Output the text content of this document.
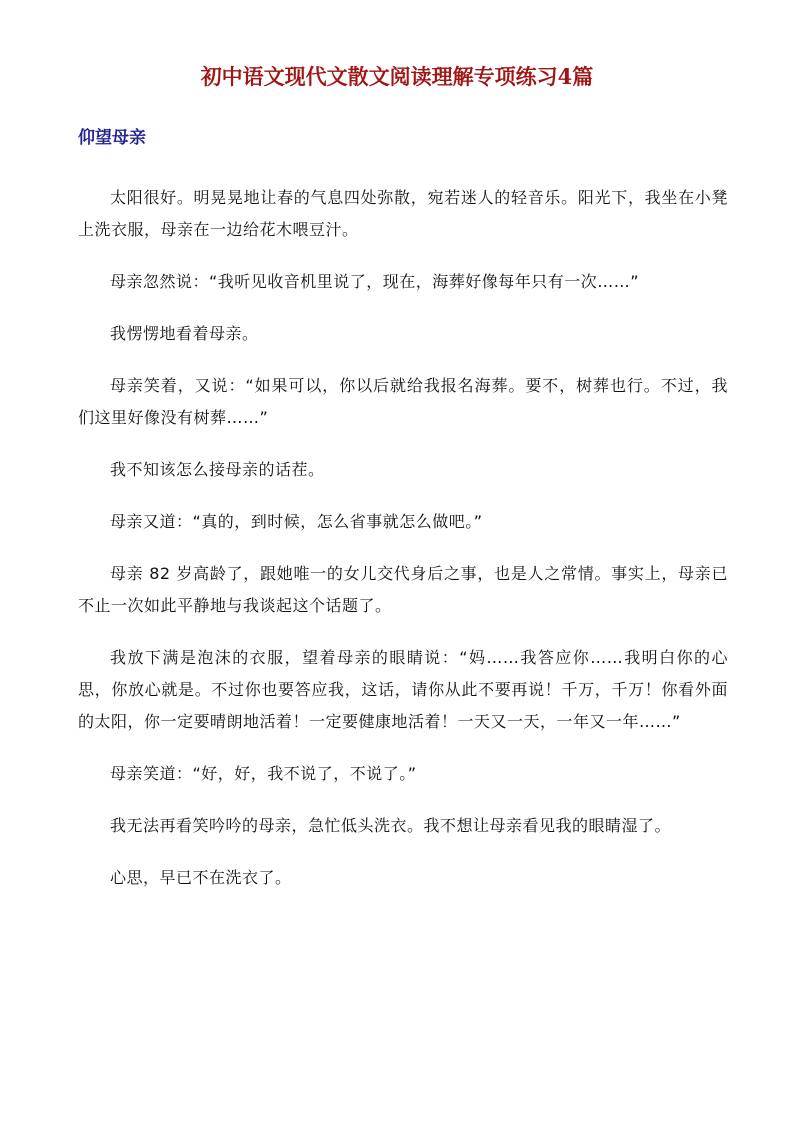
初中语文现代文散文阅读理解专项练习4篇
仰望母亲

太阳很好。明晃晃地让春的气息四处弥散，宛若迷人的轻音乐。阳光下，我坐在小凳上洗衣服，母亲在一边给花木喂豆汁。

母亲忽然说：“我听见收音机里说了，现在，海葬好像每年只有一次……”

我愣愣地看着母亲。

母亲笑着，又说：“如果可以，你以后就给我报名海葬。要不，树葬也行。不过，我们这里好像没有树葬……”

我不知该怎么接母亲的话茬。

母亲又道：“真的，到时候，怎么省事就怎么做吧。”

母亲 82 岁高龄了，跟她唯一的女儿交代身后之事，也是人之常情。事实上，母亲已不止一次如此平静地与我谈起这个话题了。

我放下满是泡沫的衣服，望着母亲的眼睛说：“妈……我答应你……我明白你的心思，你放心就是。不过你也要答应我，这话，请你从此不要再说！千万，千万！你看外面的太阳，你一定要晴朗地活着！一定要健康地活着！一天又一天，一年又一年……”

母亲笑道：“好，好，我不说了，不说了。”

我无法再看笑吟吟的母亲，急忙低头洗衣。我不想让母亲看见我的眼睛湿了。

心思，早已不在洗衣了。
